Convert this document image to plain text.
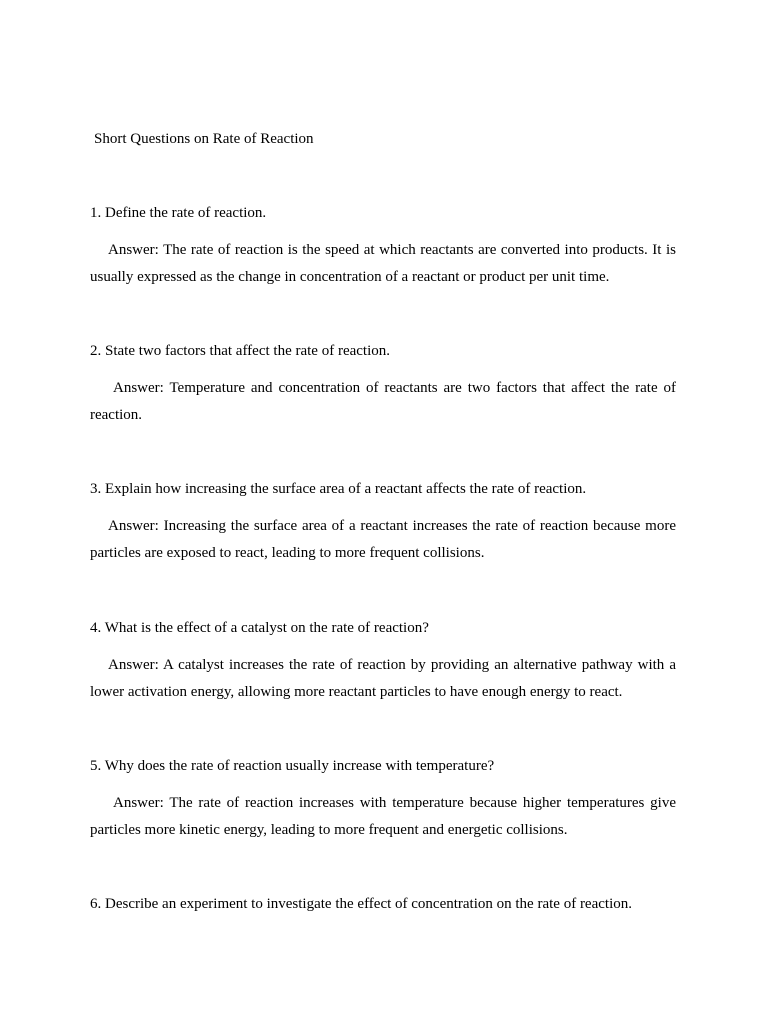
Short Questions on Rate of Reaction

1. Define the rate of reaction.

Answer: The rate of reaction is the speed at which reactants are converted into products. It is usually expressed as the change in concentration of a reactant or product per unit time.

2. State two factors that affect the rate of reaction.

Answer: Temperature and concentration of reactants are two factors that affect the rate of reaction.

3. Explain how increasing the surface area of a reactant affects the rate of reaction.

Answer: Increasing the surface area of a reactant increases the rate of reaction because more particles are exposed to react, leading to more frequent collisions.

4. What is the effect of a catalyst on the rate of reaction?

Answer: A catalyst increases the rate of reaction by providing an alternative pathway with a lower activation energy, allowing more reactant particles to have enough energy to react.

5. Why does the rate of reaction usually increase with temperature?

Answer: The rate of reaction increases with temperature because higher temperatures give particles more kinetic energy, leading to more frequent and energetic collisions.

6. Describe an experiment to investigate the effect of concentration on the rate of reaction.
